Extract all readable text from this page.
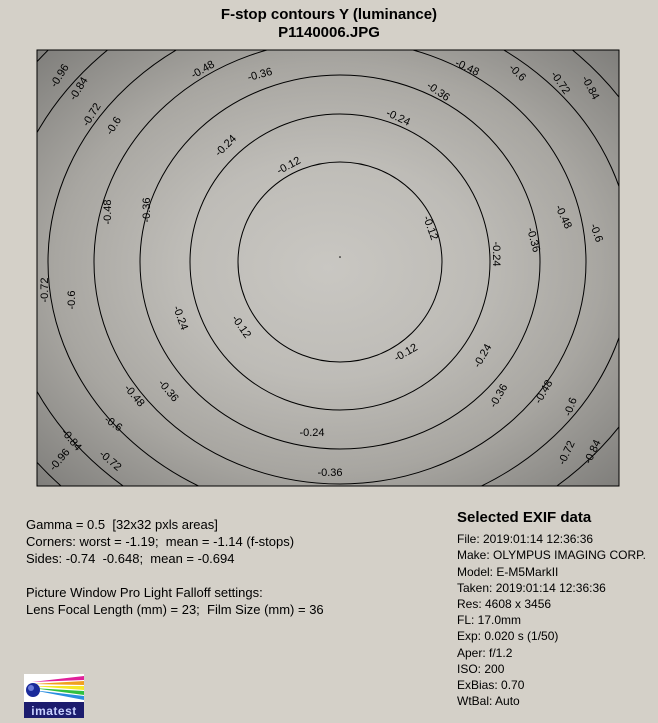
F-stop contours Y (luminance)
P1140006.JPG
-0.96
-0.84
-0.72 -0.6
-0.48	-0.36	-0.48 -0.6 -0.72 -0.84
-0.36
-0.24
-0.24
-0.12
-0.12
-0.48 -0.36
-0.24
-0.36
-0.48
-0.6
-0.72 -0.6
-0.24	-0.12
-0.12	-0.24
-0.36 -0.48
-0.6
-0.36
-0.48
-0.6	-0.24
-0.36
-0.72 -0.84
-0.96
-0.84
-0.72
Gamma = 0.5  [32x32 pxls areas]
Corners: worst = -1.19;  mean = -1.14 (f-stops)
Sides: -0.74  -0.648;  mean = -0.694
Picture Window Pro Light Falloff settings:
Lens Focal Length (mm) = 23;  Film Size (mm) = 36
Selected EXIF data
File: 2019:01:14 12:36:36
Make: OLYMPUS IMAGING CORP.
Model: E-M5MarkII
Taken: 2019:01:14 12:36:36
Res: 4608 x 3456
FL: 17.0mm
Exp: 0.020 s (1/50)
Aper: f/1.2
ISO: 200
ExBias: 0.70
WtBal: Auto
imatest
